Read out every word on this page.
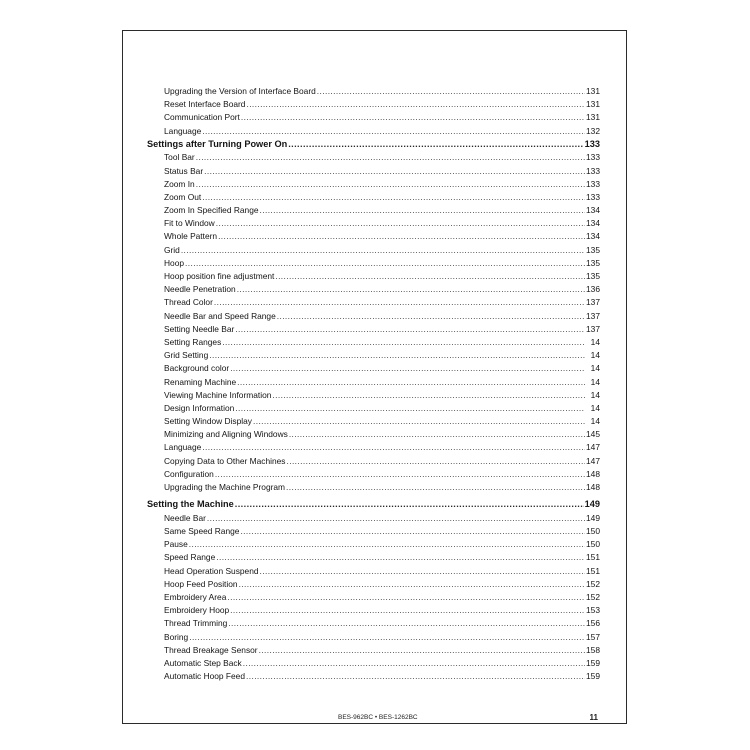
Upgrading the Version of Interface Board .....	131
Reset Interface Board .....	131
Communication Port .....	131
Language .....	132
Settings after Turning Power On .....	133
Tool Bar .....	133
Status Bar .....	133
Zoom In .....	133
Zoom Out .....	133
Zoom In Specified Range .....	134
Fit to Window .....	134
Whole Pattern .....	134
Grid .....	135
Hoop .....	135
Hoop position fine adjustment .....	135
Needle Penetration .....	136
Thread Color .....	137
Needle Bar and Speed Range .....	137
Setting Needle Bar .....	137
Setting Ranges .....	14
Grid Setting .....	14
Background color .....	14
Renaming Machine .....	14
Viewing Machine Information .....	14
Design Information .....	14
Setting Window Display .....	14
Minimizing and Aligning Windows .....	145
Language .....	147
Copying Data to Other Machines .....	147
Configuration .....	148
Upgrading the Machine Program .....	148
Setting the Machine .....	149
Needle Bar .....	149
Same Speed Range .....	150
Pause .....	150
Speed Range .....	151
Head Operation Suspend .....	151
Hoop Feed Position .....	152
Embroidery Area .....	152
Embroidery Hoop .....	153
Thread Trimming .....	156
Boring .....	157
Thread Breakage Sensor .....	158
Automatic Step Back .....	159
Automatic Hoop Feed .....	159
BES-962BC • BES-1262BC	11
